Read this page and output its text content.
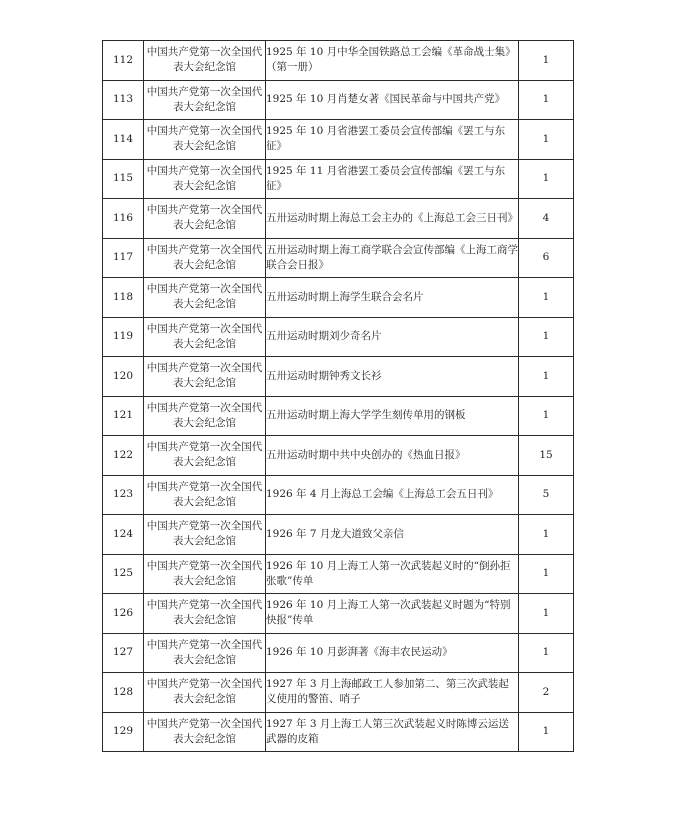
112	中国共产党第一次全国代表大会纪念馆	1925 年 10 月中华全国铁路总工会编《革命战士集》（第一册）	1
113	中国共产党第一次全国代表大会纪念馆	1925 年 10 月肖楚女著《国民革命与中国共产党》	1
114	中国共产党第一次全国代表大会纪念馆	1925 年 10 月省港罢工委员会宣传部编《罢工与东征》	1
115	中国共产党第一次全国代表大会纪念馆	1925 年 11 月省港罢工委员会宣传部编《罢工与东征》	1
116	中国共产党第一次全国代表大会纪念馆	五卅运动时期上海总工会主办的《上海总工会三日刊》	4
117	中国共产党第一次全国代表大会纪念馆	五卅运动时期上海工商学联合会宣传部编《上海工商学联合会日报》	6
118	中国共产党第一次全国代表大会纪念馆	五卅运动时期上海学生联合会名片	1
119	中国共产党第一次全国代表大会纪念馆	五卅运动时期刘少奇名片	1
120	中国共产党第一次全国代表大会纪念馆	五卅运动时期钟秀文长衫	1
121	中国共产党第一次全国代表大会纪念馆	五卅运动时期上海大学学生刻传单用的钢板	1
122	中国共产党第一次全国代表大会纪念馆	五卅运动时期中共中央创办的《热血日报》	15
123	中国共产党第一次全国代表大会纪念馆	1926 年 4 月上海总工会编《上海总工会五日刊》	5
124	中国共产党第一次全国代表大会纪念馆	1926 年 7 月龙大道致父亲信	1
125	中国共产党第一次全国代表大会纪念馆	1926 年 10 月上海工人第一次武装起义时的“倒孙拒张歌”传单	1
126	中国共产党第一次全国代表大会纪念馆	1926 年 10 月上海工人第一次武装起义时题为“特别快报”传单	1
127	中国共产党第一次全国代表大会纪念馆	1926 年 10 月彭湃著《海丰农民运动》	1
128	中国共产党第一次全国代表大会纪念馆	1927 年 3 月上海邮政工人参加第二、第三次武装起义使用的警笛、哨子	2
129	中国共产党第一次全国代表大会纪念馆	1927 年 3 月上海工人第三次武装起义时陈博云运送武器的皮箱	1
